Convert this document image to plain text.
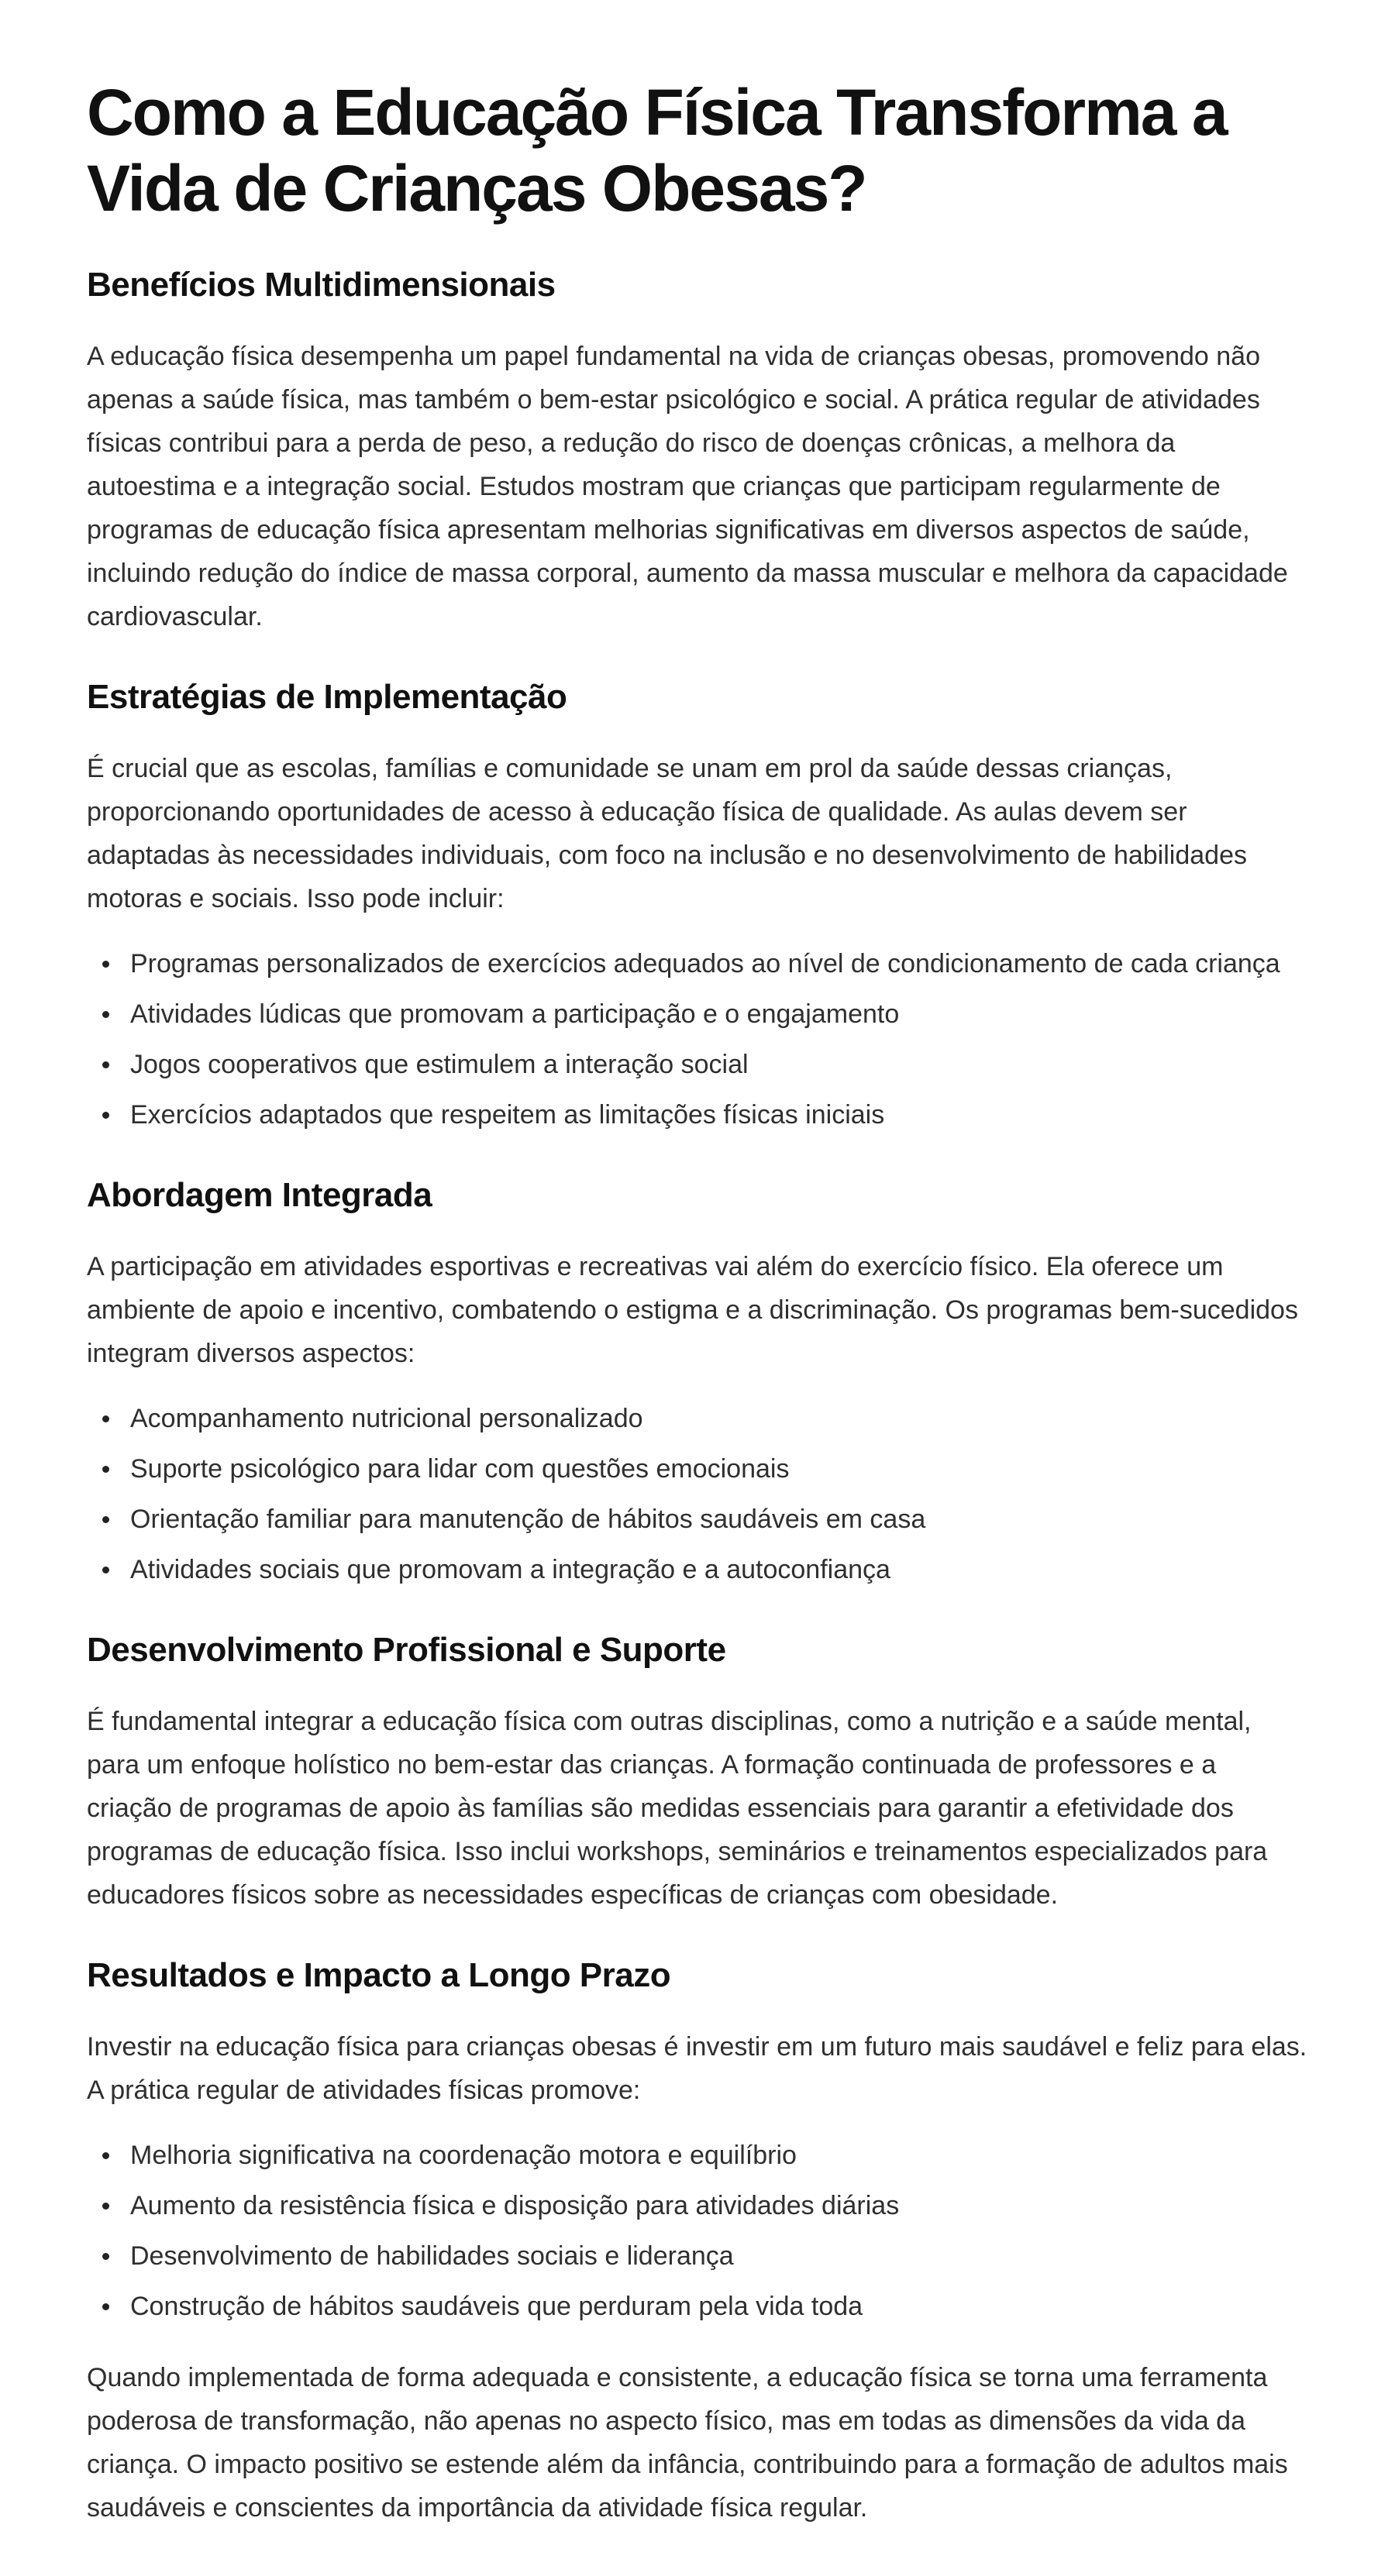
Como a Educação Física Transforma a Vida de Crianças Obesas?
Benefícios Multidimensionais

A educação física desempenha um papel fundamental na vida de crianças obesas, promovendo não apenas a saúde física, mas também o bem-estar psicológico e social. A prática regular de atividades físicas contribui para a perda de peso, a redução do risco de doenças crônicas, a melhora da autoestima e a integração social. Estudos mostram que crianças que participam regularmente de programas de educação física apresentam melhorias significativas em diversos aspectos de saúde, incluindo redução do índice de massa corporal, aumento da massa muscular e melhora da capacidade cardiovascular.

Estratégias de Implementação

É crucial que as escolas, famílias e comunidade se unam em prol da saúde dessas crianças, proporcionando oportunidades de acesso à educação física de qualidade. As aulas devem ser adaptadas às necessidades individuais, com foco na inclusão e no desenvolvimento de habilidades motoras e sociais. Isso pode incluir:

Programas personalizados de exercícios adequados ao nível de condicionamento de cada criança
Atividades lúdicas que promovam a participação e o engajamento
Jogos cooperativos que estimulem a interação social
Exercícios adaptados que respeitem as limitações físicas iniciais
Abordagem Integrada

A participação em atividades esportivas e recreativas vai além do exercício físico. Ela oferece um ambiente de apoio e incentivo, combatendo o estigma e a discriminação. Os programas bem-sucedidos integram diversos aspectos:

Acompanhamento nutricional personalizado
Suporte psicológico para lidar com questões emocionais
Orientação familiar para manutenção de hábitos saudáveis em casa
Atividades sociais que promovam a integração e a autoconfiança
Desenvolvimento Profissional e Suporte

É fundamental integrar a educação física com outras disciplinas, como a nutrição e a saúde mental, para um enfoque holístico no bem-estar das crianças. A formação continuada de professores e a criação de programas de apoio às famílias são medidas essenciais para garantir a efetividade dos programas de educação física. Isso inclui workshops, seminários e treinamentos especializados para educadores físicos sobre as necessidades específicas de crianças com obesidade.

Resultados e Impacto a Longo Prazo

Investir na educação física para crianças obesas é investir em um futuro mais saudável e feliz para elas. A prática regular de atividades físicas promove:

Melhoria significativa na coordenação motora e equilíbrio
Aumento da resistência física e disposição para atividades diárias
Desenvolvimento de habilidades sociais e liderança
Construção de hábitos saudáveis que perduram pela vida toda

Quando implementada de forma adequada e consistente, a educação física se torna uma ferramenta poderosa de transformação, não apenas no aspecto físico, mas em todas as dimensões da vida da criança. O impacto positivo se estende além da infância, contribuindo para a formação de adultos mais saudáveis e conscientes da importância da atividade física regular.
